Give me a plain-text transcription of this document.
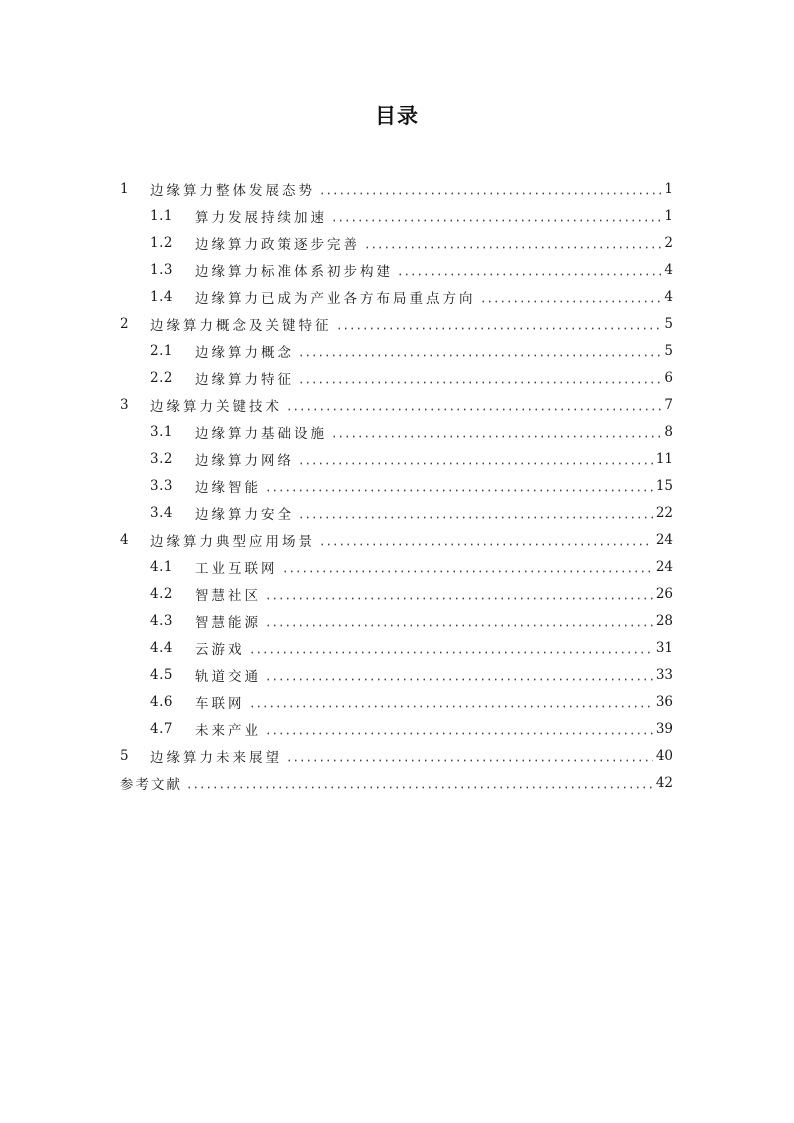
目录
1	边缘算力整体发展态势	1
1.1	算力发展持续加速	1
1.2	边缘算力政策逐步完善	2
1.3	边缘算力标准体系初步构建	4
1.4	边缘算力已成为产业各方布局重点方向	4
2	边缘算力概念及关键特征	5
2.1	边缘算力概念	5
2.2	边缘算力特征	6
3	边缘算力关键技术	7
3.1	边缘算力基础设施	8
3.2	边缘算力网络	11
3.3	边缘智能	15
3.4	边缘算力安全	22
4	边缘算力典型应用场景	24
4.1	工业互联网	24
4.2	智慧社区	26
4.3	智慧能源	28
4.4	云游戏	31
4.5	轨道交通	33
4.6	车联网	36
4.7	未来产业	39
5	边缘算力未来展望	40
参考文献	42
